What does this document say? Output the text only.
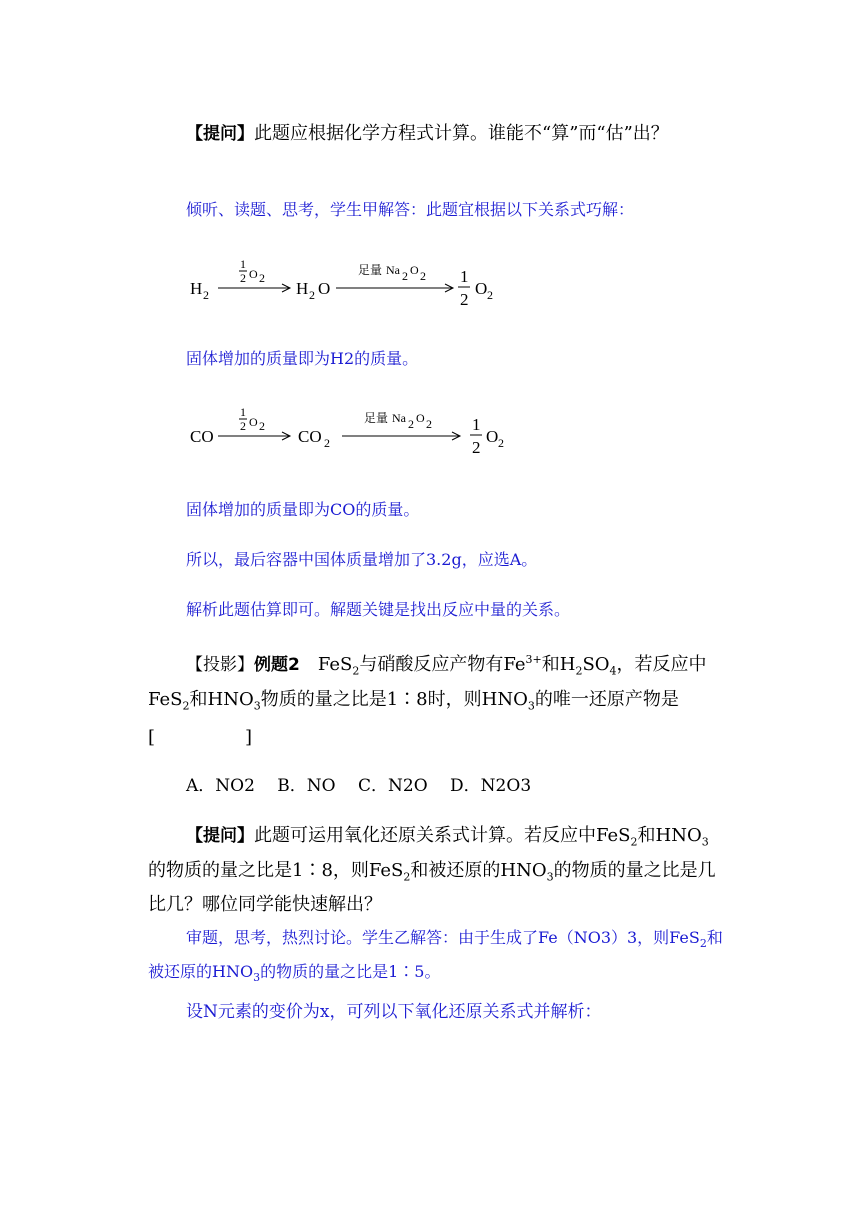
【提问】此题应根据化学方程式计算。谁能不“算”而“估”出？
倾听、读题、思考，学生甲解答：此题宜根据以下关系式巧解：
H 2
1
2 O 2
H 2 O
足量 Na 2 O 2 1
2
O 2
固体增加的质量即为H2的质量。
CO
1
2 O 2
CO 2
足量 Na 2 O 2 1
2
O 2
固体增加的质量即为CO的质量。
所以，最后容器中国体质量增加了3.2g，应选A。
解析此题估算即可。解题关键是找出反应中量的关系。
【投影】例题2  FeS$_2$与硝酸反应产物有$Fe^{3+}$和$H_2SO_4$，若反应中FeS$_2$和$HNO_3$物质的量之比是1∶8时，则$HNO_3$的唯一还原产物是
[　　　　　]
A．NO2　 B．NO　 C．N2O　 D．N2O3
【提问】此题可运用氧化还原关系式计算。若反应中FeS$_2$和$HNO_3$的物质的量之比是1∶8，则FeS$_2$和被还原的$HNO_3$的物质的量之比是几比几？哪位同学能快速解出？
审题，思考，热烈讨论。学生乙解答：由于生成了Fe（NO3）3，则FeS$_2$和被还原的$HNO_3$的物质的量之比是1∶5。
设N元素的变价为x，可列以下氧化还原关系式并解析：
